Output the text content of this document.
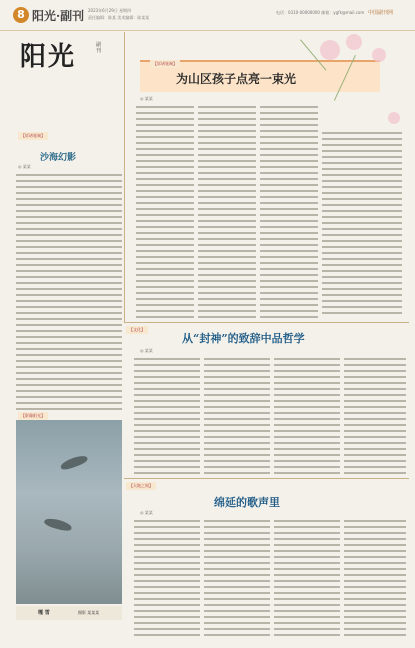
8 阳光·副刊 2023年6月29日 星期四
责任编辑：陈某 美术编辑：陈某某
电话：0310-00000000 邮箱：ygfk@mail.com 中国副刊网
阳光	副刊
【诉诸笔端】
沙海幻影
◎ 某某
【诉诸笔端】
为山区孩子点亮一束光
◎ 某某
【文化】
从“封神”的致辞中品哲学
◎ 某某
【天地之间】
绵延的歌声里
◎ 某某
【影像阳光】
嘎 雪	摄影 某某某
